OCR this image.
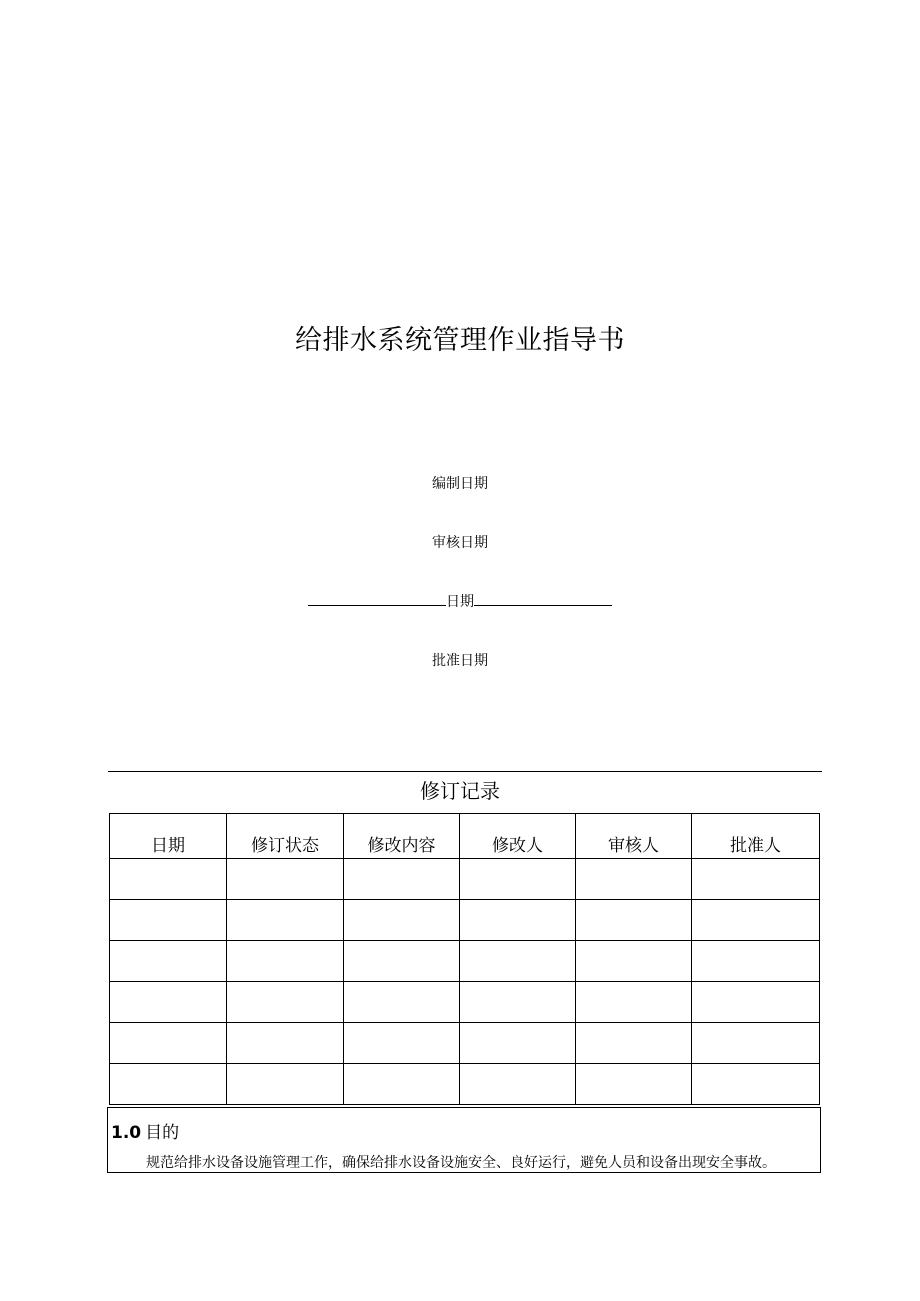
给排水系统管理作业指导书
编制日期
审核日期
日期
批准日期
修订记录
日期	修订状态	修改内容	修改人	审核人	批准人

1.0 目的
规范给排水设备设施管理工作，确保给排水设备设施安全、良好运行，避免人员和设备出现安全事故。
